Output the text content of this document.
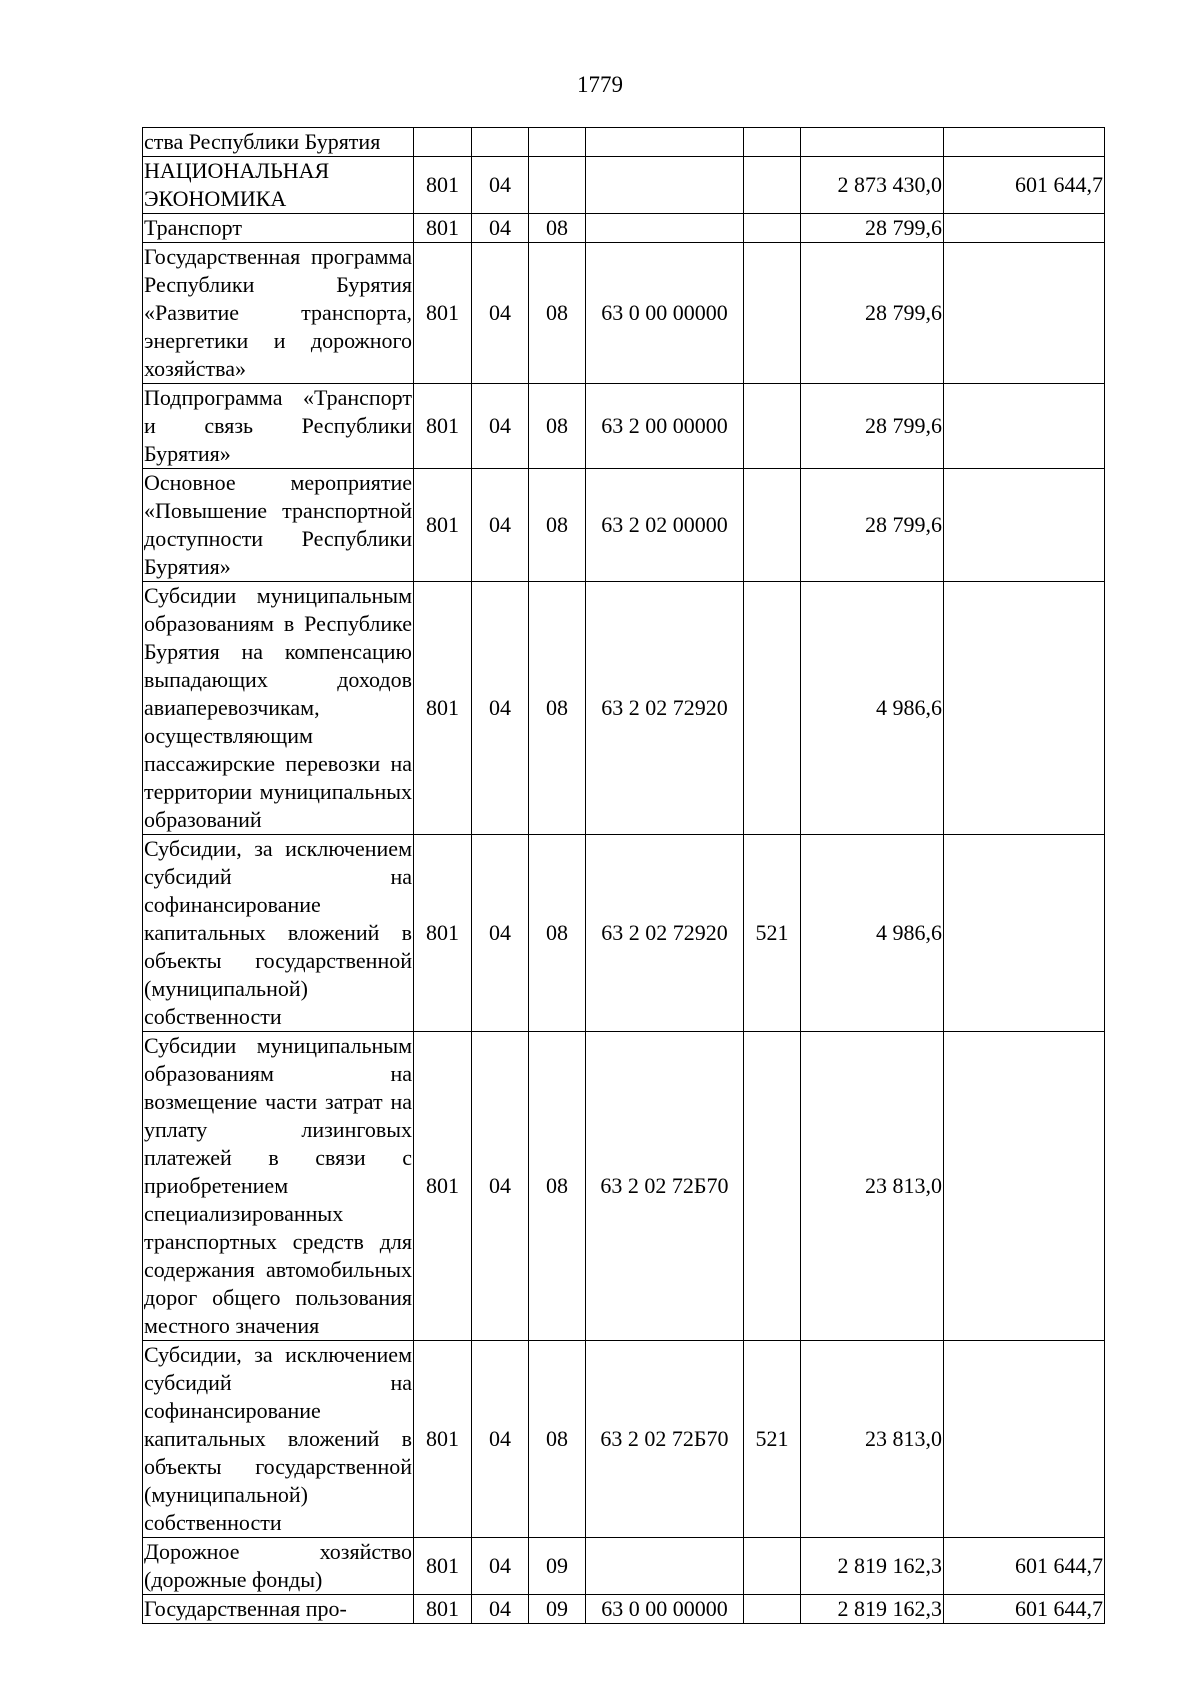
1779
ства Республики Бурятия							
НАЦИОНАЛЬНАЯ ЭКОНОМИКА	801	04				2 873 430,0	601 644,7
Транспорт	801	04	08			28 799,6	
Государственная программа Республики Бурятия «Развитие транспорта, энергетики и дорожного хозяйства»	801	04	08	63 0 00 00000		28 799,6	
Подпрограмма «Транспорт и связь Республики Бурятия»	801	04	08	63 2 00 00000		28 799,6	
Основное мероприятие «Повышение транспортной доступности Республики Бурятия»	801	04	08	63 2 02 00000		28 799,6	
Субсидии муниципальным образованиям в Республике Бурятия на компенсацию выпадающих доходов авиаперевозчикам, осуществляющим пассажирские перевозки на территории муниципальных образований	801	04	08	63 2 02 72920		4 986,6	
Субсидии, за исключением субсидий на софинансирование капитальных вложений в объекты государственной (муниципальной) собственности	801	04	08	63 2 02 72920	521	4 986,6	
Субсидии муниципальным образованиям на возмещение части затрат на уплату лизинговых платежей в связи с приобретением специализированных транспортных средств для содержания автомобильных дорог общего пользования местного значения	801	04	08	63 2 02 72Б70		23 813,0	
Субсидии, за исключением субсидий на софинансирование капитальных вложений в объекты государственной (муниципальной) собственности	801	04	08	63 2 02 72Б70	521	23 813,0	
Дорожное хозяйство (дорожные фонды)	801	04	09			2 819 162,3	601 644,7
Государственная про-	801	04	09	63 0 00 00000		2 819 162,3	601 644,7
